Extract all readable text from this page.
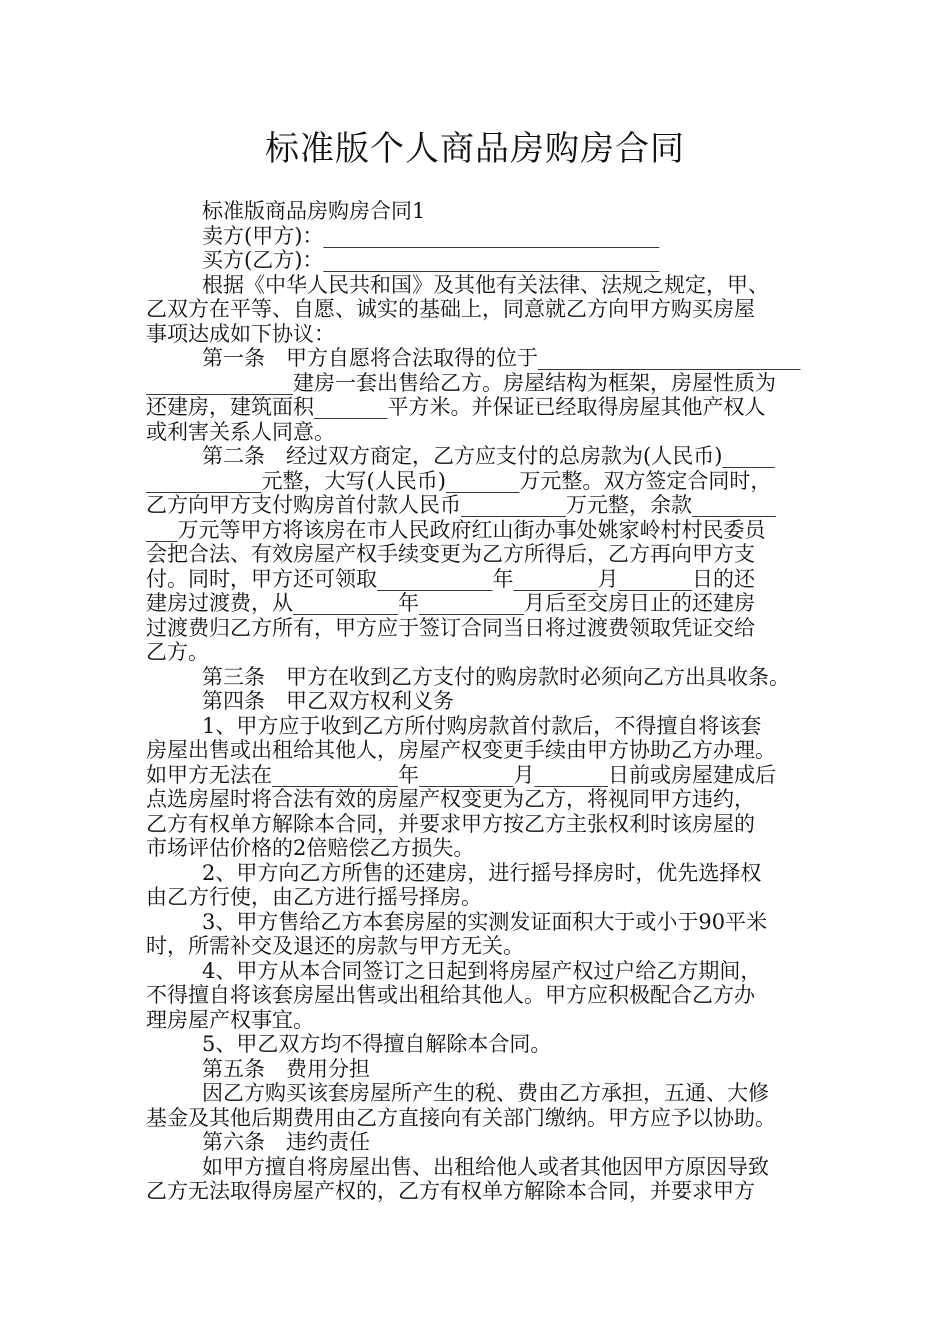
标准版个人商品房购房合同
标准版商品房购房合同1
卖方(甲方)：________________________________
买方(乙方)：________________________________
根据《中华人民共和国》及其他有关法律、法规之规定，甲、
乙双方在平等、自愿、诚实的基础上，同意就乙方向甲方购买房屋
事项达成如下协议：
第一条　甲方自愿将合法取得的位于_________________________
______________建房一套出售给乙方。房屋结构为框架，房屋性质为
还建房，建筑面积_______平方米。并保证已经取得房屋其他产权人
或利害关系人同意。
第二条　经过双方商定，乙方应支付的总房款为(人民币)_____
___________元整，大写(人民币)_______万元整。双方签定合同时，
乙方向甲方支付购房首付款人民币__________万元整，余款________
___万元等甲方将该房在市人民政府红山街办事处姚家岭村村民委员
会把合法、有效房屋产权手续变更为乙方所得后，乙方再向甲方支
付。同时，甲方还可领取___________年________月_______日的还
建房过渡费，从__________年__________月后至交房日止的还建房
过渡费归乙方所有，甲方应于签订合同当日将过渡费领取凭证交给
乙方。
第三条　甲方在收到乙方支付的购房款时必须向乙方出具收条。
第四条　甲乙双方权利义务
1、甲方应于收到乙方所付购房款首付款后，不得擅自将该套
房屋出售或出租给其他人，房屋产权变更手续由甲方协助乙方办理。
如甲方无法在____________年_________月_______日前或房屋建成后
点选房屋时将合法有效的房屋产权变更为乙方，将视同甲方违约，
乙方有权单方解除本合同，并要求甲方按乙方主张权利时该房屋的
市场评估价格的2倍赔偿乙方损失。
2、甲方向乙方所售的还建房，进行摇号择房时，优先选择权
由乙方行使，由乙方进行摇号择房。
3、甲方售给乙方本套房屋的实测发证面积大于或小于90平米
时，所需补交及退还的房款与甲方无关。
4、甲方从本合同签订之日起到将房屋产权过户给乙方期间，
不得擅自将该套房屋出售或出租给其他人。甲方应积极配合乙方办
理房屋产权事宜。
5、甲乙双方均不得擅自解除本合同。
第五条　费用分担
因乙方购买该套房屋所产生的税、费由乙方承担，五通、大修
基金及其他后期费用由乙方直接向有关部门缴纳。甲方应予以协助。
第六条　违约责任
如甲方擅自将房屋出售、出租给他人或者其他因甲方原因导致
乙方无法取得房屋产权的，乙方有权单方解除本合同，并要求甲方
